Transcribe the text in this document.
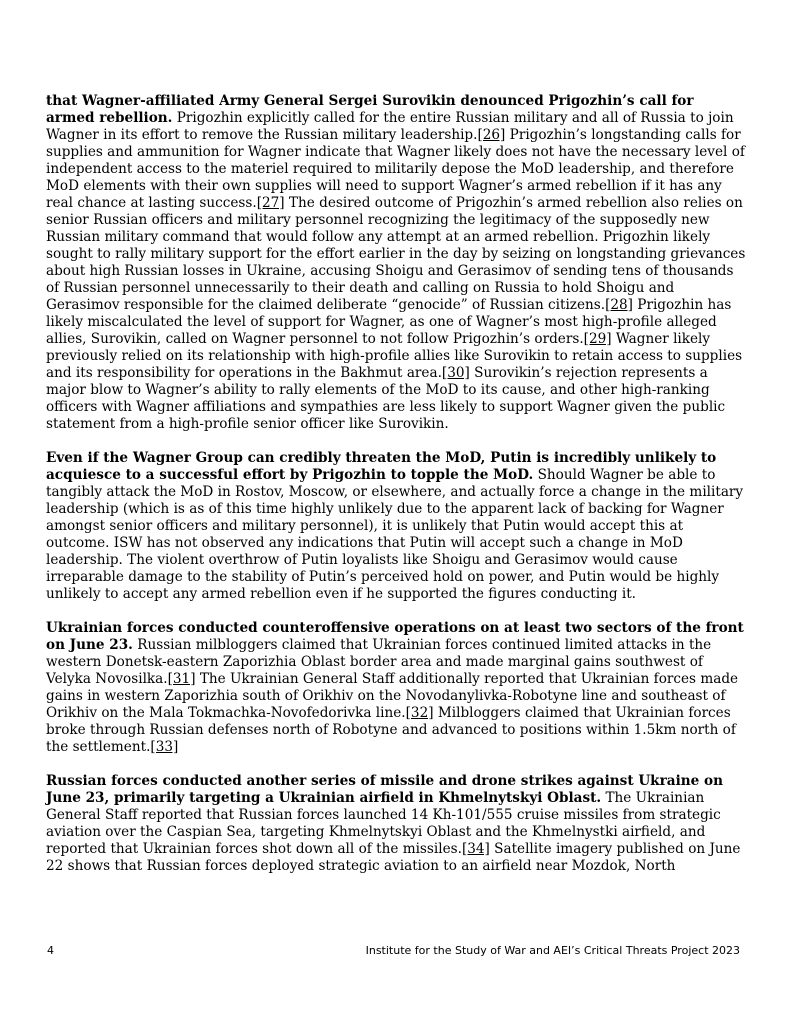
that Wagner-affiliated Army General Sergei Surovikin denounced Prigozhin’s call for armed rebellion. Prigozhin explicitly called for the entire Russian military and all of Russia to join Wagner in its effort to remove the Russian military leadership.[26] Prigozhin’s longstanding calls for supplies and ammunition for Wagner indicate that Wagner likely does not have the necessary level of independent access to the materiel required to militarily depose the MoD leadership, and therefore MoD elements with their own supplies will need to support Wagner’s armed rebellion if it has any real chance at lasting success.[27] The desired outcome of Prigozhin’s armed rebellion also relies on senior Russian officers and military personnel recognizing the legitimacy of the supposedly new Russian military command that would follow any attempt at an armed rebellion. Prigozhin likely sought to rally military support for the effort earlier in the day by seizing on longstanding grievances about high Russian losses in Ukraine, accusing Shoigu and Gerasimov of sending tens of thousands of Russian personnel unnecessarily to their death and calling on Russia to hold Shoigu and Gerasimov responsible for the claimed deliberate “genocide” of Russian citizens.[28] Prigozhin has likely miscalculated the level of support for Wagner, as one of Wagner’s most high-profile alleged allies, Surovikin, called on Wagner personnel to not follow Prigozhin’s orders.[29] Wagner likely previously relied on its relationship with high-profile allies like Surovikin to retain access to supplies and its responsibility for operations in the Bakhmut area.[30] Surovikin’s rejection represents a major blow to Wagner’s ability to rally elements of the MoD to its cause, and other high-ranking officers with Wagner affiliations and sympathies are less likely to support Wagner given the public statement from a high-profile senior officer like Surovikin.

Even if the Wagner Group can credibly threaten the MoD, Putin is incredibly unlikely to acquiesce to a successful effort by Prigozhin to topple the MoD. Should Wagner be able to tangibly attack the MoD in Rostov, Moscow, or elsewhere, and actually force a change in the military leadership (which is as of this time highly unlikely due to the apparent lack of backing for Wagner amongst senior officers and military personnel), it is unlikely that Putin would accept this at outcome. ISW has not observed any indications that Putin will accept such a change in MoD leadership. The violent overthrow of Putin loyalists like Shoigu and Gerasimov would cause irreparable damage to the stability of Putin’s perceived hold on power, and Putin would be highly unlikely to accept any armed rebellion even if he supported the figures conducting it.

Ukrainian forces conducted counteroffensive operations on at least two sectors of the front on June 23. Russian milbloggers claimed that Ukrainian forces continued limited attacks in the western Donetsk-eastern Zaporizhia Oblast border area and made marginal gains southwest of Velyka Novosilka.[31] The Ukrainian General Staff additionally reported that Ukrainian forces made gains in western Zaporizhia south of Orikhiv on the Novodanylivka-Robotyne line and southeast of Orikhiv on the Mala Tokmachka-Novofedorivka line.[32] Milbloggers claimed that Ukrainian forces broke through Russian defenses north of Robotyne and advanced to positions within 1.5km north of the settlement.[33]

Russian forces conducted another series of missile and drone strikes against Ukraine on June 23, primarily targeting a Ukrainian airfield in Khmelnytskyi Oblast. The Ukrainian General Staff reported that Russian forces launched 14 Kh-101/555 cruise missiles from strategic aviation over the Caspian Sea, targeting Khmelnytskyi Oblast and the Khmelnystki airfield, and reported that Ukrainian forces shot down all of the missiles.[34] Satellite imagery published on June 22 shows that Russian forces deployed strategic aviation to an airfield near Mozdok, North

4	Institute for the Study of War and AEI’s Critical Threats Project 2023
